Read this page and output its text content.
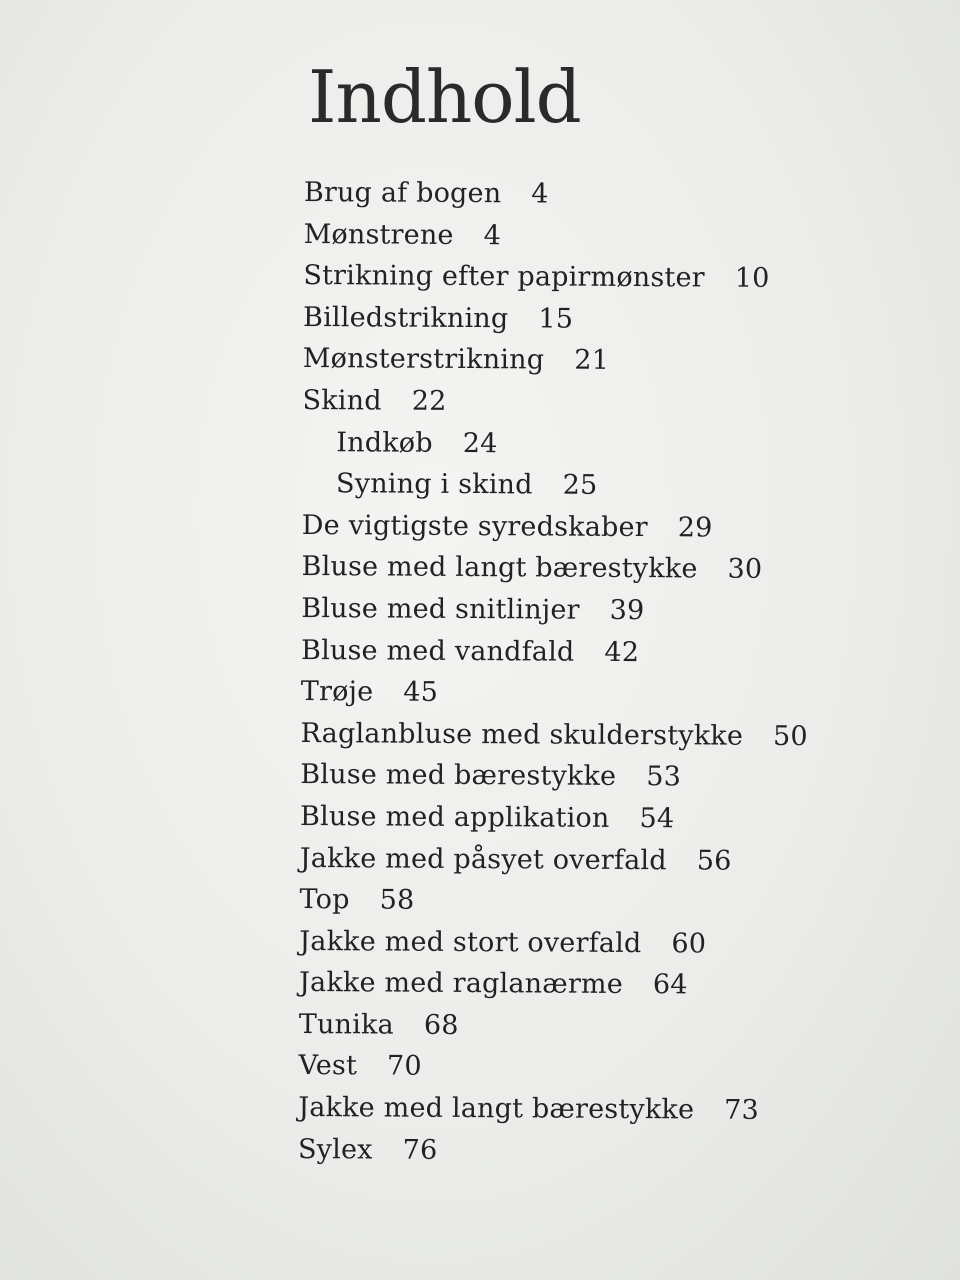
Indhold
Brug af bogen 4
Mønstrene 4
Strikning efter papirmønster 10
Billedstrikning 15
Mønsterstrikning 21
Skind 22
Indkøb 24
Syning i skind 25
De vigtigste syredskaber 29
Bluse med langt bærestykke 30
Bluse med snitlinjer 39
Bluse med vandfald 42
Trøje 45
Raglanbluse med skulderstykke 50
Bluse med bærestykke 53
Bluse med applikation 54
Jakke med påsyet overfald 56
Top 58
Jakke med stort overfald 60
Jakke med raglanærme 64
Tunika 68
Vest 70
Jakke med langt bærestykke 73
Sylex 76
